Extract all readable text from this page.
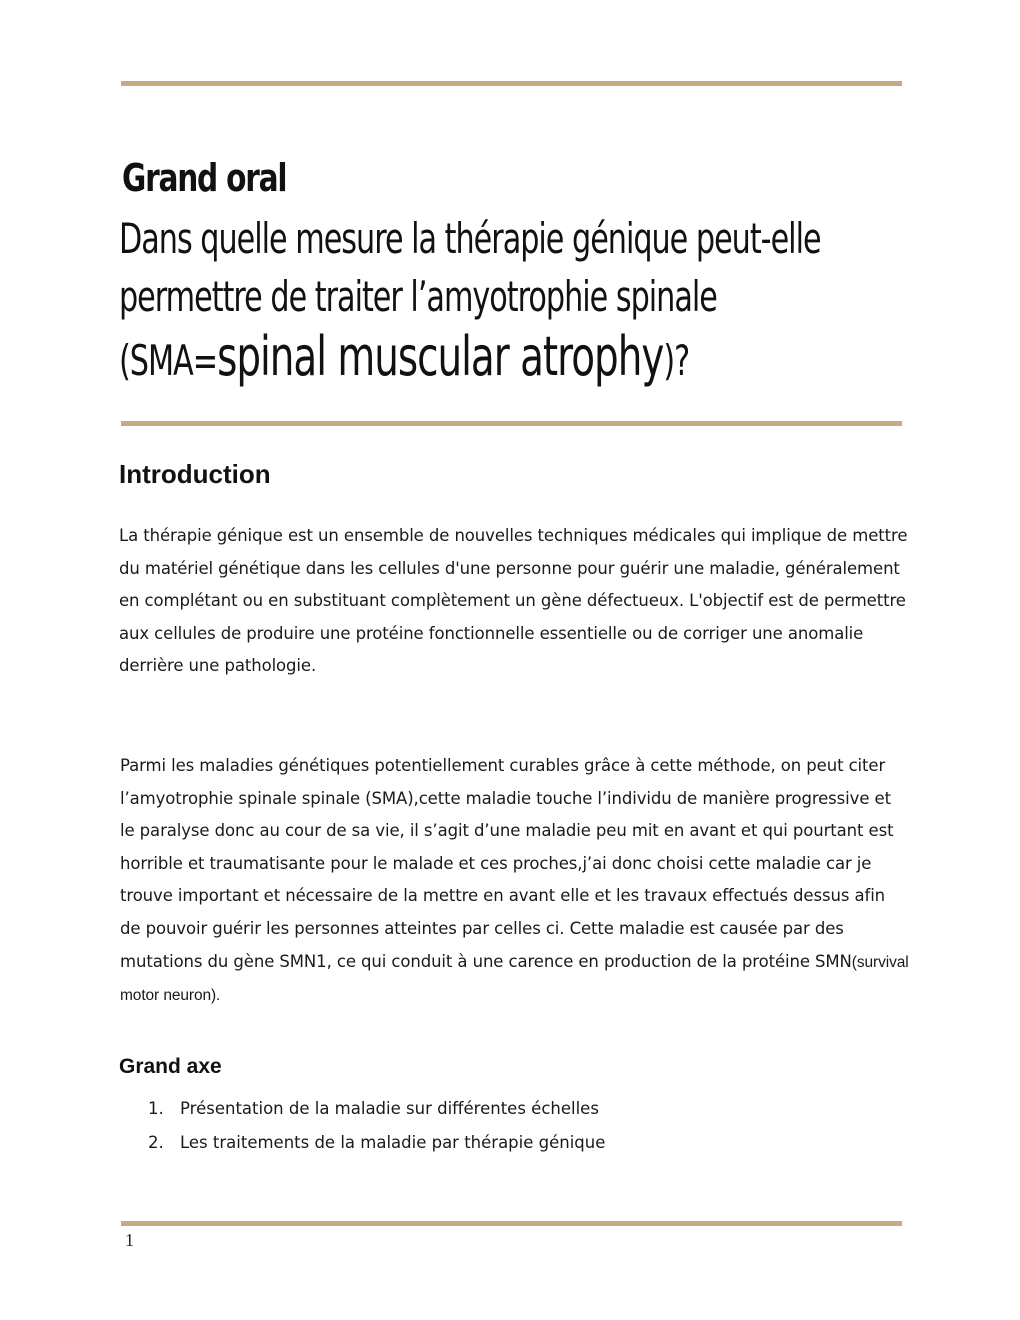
Grand oral
Dans quelle mesure la thérapie génique peut-elle
permettre de traiter l’amyotrophie spinale
(SMA=spinal muscular atrophy)?
Introduction

La thérapie génique est un ensemble de nouvelles techniques médicales qui implique de mettre du matériel génétique dans les cellules d'une personne pour guérir une maladie, généralement en complétant ou en substituant complètement un gène défectueux. L'objectif est de permettre aux cellules de produire une protéine fonctionnelle essentielle ou de corriger une anomalie derrière une pathologie.

Parmi les maladies génétiques potentiellement curables grâce à cette méthode, on peut citer l’amyotrophie spinale spinale (SMA),cette maladie touche l’individu de manière progressive et le paralyse donc au cour de sa vie, il s’agit d’une maladie peu mit en avant et qui pourtant est horrible et traumatisante pour le malade et ces proches,j’ai donc choisi cette maladie car je trouve important et nécessaire de la mettre en avant elle et les travaux effectués dessus afin de pouvoir guérir les personnes atteintes par celles ci. Cette maladie est causée par des mutations du gène SMN1, ce qui conduit à une carence en production de la protéine SMN(survival motor neuron).

Grand axe
1. Présentation de la maladie sur différentes échelles
2. Les traitements de la maladie par thérapie génique
1
